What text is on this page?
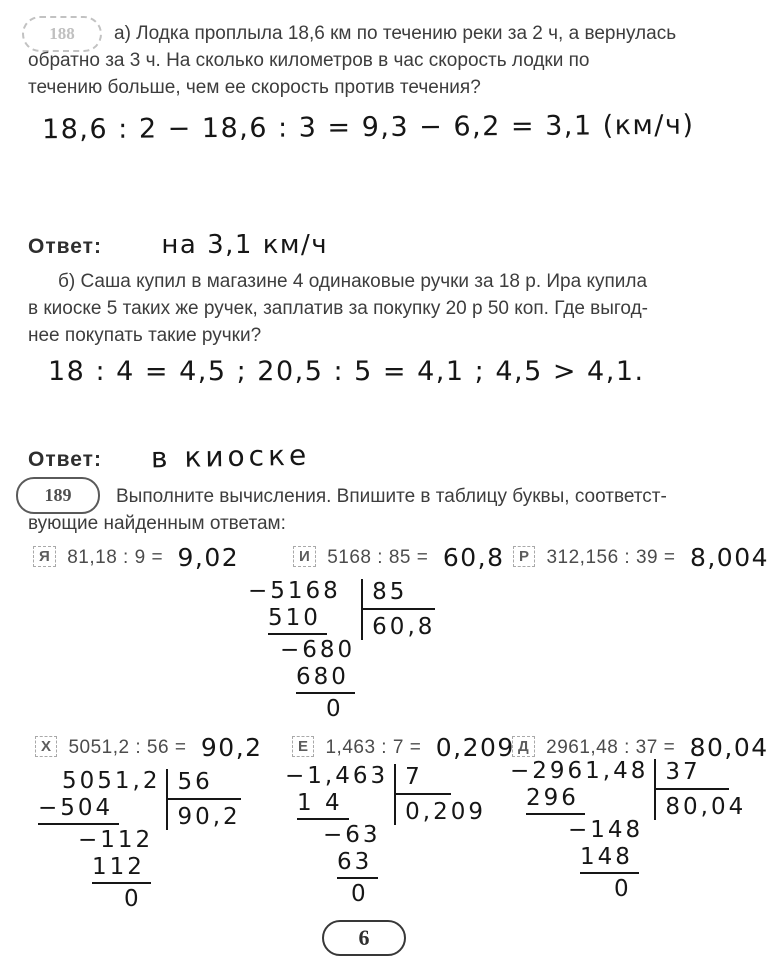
188	а) Лодка проплыла 18,6 км по течению реки за 2 ч, а вернулась
обратно за 3 ч. На сколько километров в час скорость лодки по
течению больше, чем ее скорость против течения?
18,6 : 2 − 18,6 : 3 = 9,3 − 6,2 = 3,1 (км/ч)
Ответ: на 3,1 км/ч
б) Саша купил в магазине 4 одинаковые ручки за 18 р. Ира купила
в киоске 5 таких же ручек, заплатив за покупку 20 р 50 коп. Где выгод-
нее покупать такие ручки?
18 : 4 = 4,5 ; 20,5 : 5 = 4,1 ; 4,5 > 4,1.
Ответ: в киоске
189	Выполните вычисления. Впишите в таблицу буквы, соответст-
вующие найденным ответам:
Я 81,18 : 9 = 9,02	И 5168 : 85 = 60,8 Р 312,156 : 39 = 8,004
−5168
510
−680
680
0
85
60,8
Х 5051,2 : 56 = 90,2	Е 1,463 : 7 = 0,209 Д 2961,48 : 37 = 80,04
5051,2
−504
−112
112
0
56
90,2
−1,463
1 4
−63
63
0
7
0,209
−2961,48
296
−148
148
0
37
80,04
6
